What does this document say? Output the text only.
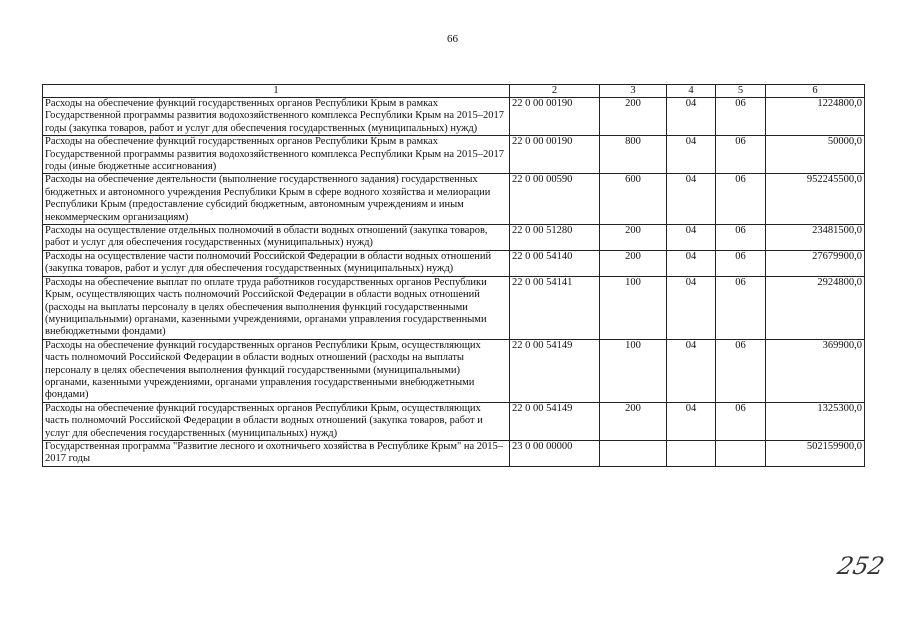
66
1	2	3	4	5	6
Расходы на обеспечение функций государственных органов Республики Крым в рамках Государственной программы развития водохозяйственного комплекса Республики Крым на 2015–2017 годы (закупка товаров, работ и услуг для обеспечения государственных (муниципальных) нужд)	22 0 00 00190	200	04	06	1224800,0
Расходы на обеспечение функций государственных органов Республики Крым в рамках Государственной программы развития водохозяйственного комплекса Республики Крым на 2015–2017 годы (иные бюджетные ассигнования)	22 0 00 00190	800	04	06	50000,0
Расходы на обеспечение деятельности (выполнение государственного задания) государственных бюджетных и автономного учреждения Республики Крым в сфере водного хозяйства и мелиорации Республики Крым (предоставление субсидий бюджетным, автономным учреждениям и иным некоммерческим организациям)	22 0 00 00590	600	04	06	952245500,0
Расходы на осуществление отдельных полномочий в области водных отношений (закупка товаров, работ и услуг для обеспечения государственных (муниципальных) нужд)	22 0 00 51280	200	04	06	23481500,0
Расходы на осуществление части полномочий Российской Федерации в области водных отношений (закупка товаров, работ и услуг для обеспечения государственных (муниципальных) нужд)	22 0 00 54140	200	04	06	27679900,0
Расходы на обеспечение выплат по оплате труда работников государственных органов Республики Крым, осуществляющих часть полномочий Российской Федерации в области водных отношений (расходы на выплаты персоналу в целях обеспечения выполнения функций государственными (муниципальными) органами, казенными учреждениями, органами управления государственными внебюджетными фондами)	22 0 00 54141	100	04	06	2924800,0
Расходы на обеспечение функций государственных органов Республики Крым, осуществляющих часть полномочий Российской Федерации в области водных отношений (расходы на выплаты персоналу в целях обеспечения выполнения функций государственными (муниципальными) органами, казенными учреждениями, органами управления государственными внебюджетными фондами)	22 0 00 54149	100	04	06	369900,0
Расходы на обеспечение функций государственных органов Республики Крым, осуществляющих часть полномочий Российской Федерации в области водных отношений (закупка товаров, работ и услуг для обеспечения государственных (муниципальных) нужд)	22 0 00 54149	200	04	06	1325300,0
Государственная программа "Развитие лесного и охотничьего хозяйства в Республике Крым" на 2015–2017 годы	23 0 00 00000				502159900,0
252
